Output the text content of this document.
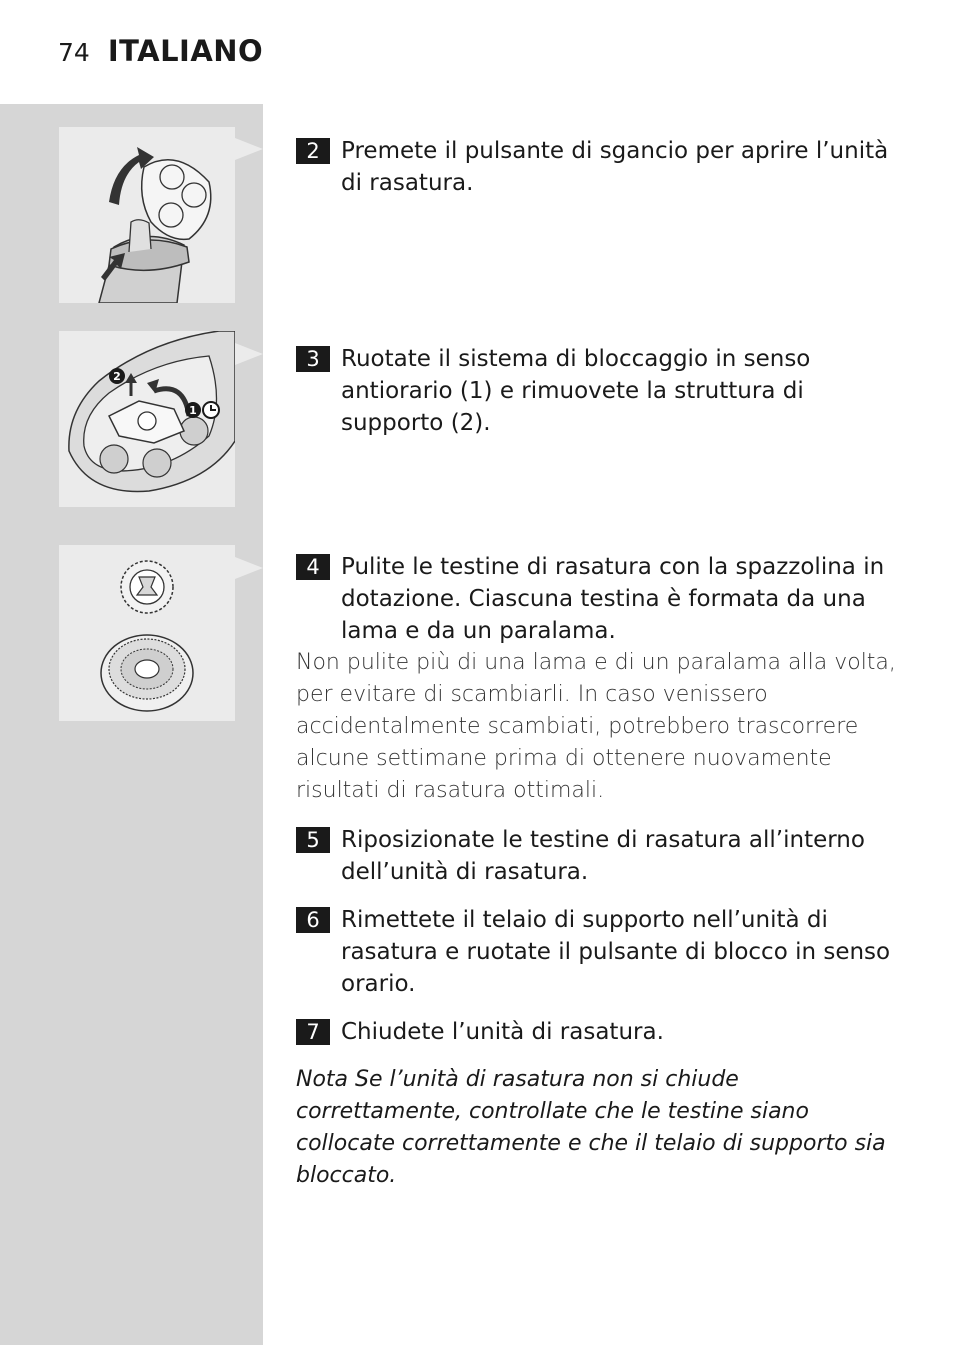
74 ITALIANO
2
1
2 Premete il pulsante di sgancio per aprire l’unità di rasatura.
3 Ruotate il sistema di bloccaggio in senso antiorario (1) e rimuovete la struttura di supporto (2).
4 Pulite le testine di rasatura con la spazzolina in dotazione. Ciascuna testina è formata da una lama e da un paralama.
Non pulite più di una lama e di un paralama alla volta, per evitare di scambiarli. In caso venissero accidentalmente scambiati, potrebbero trascorrere alcune settimane prima di ottenere nuovamente risultati di rasatura ottimali.
5 Riposizionate le testine di rasatura all’interno dell’unità di rasatura.
6 Rimettete il telaio di supporto nell’unità di rasatura e ruotate il pulsante di blocco in senso orario.
7 Chiudete l’unità di rasatura.
Nota Se l’unità di rasatura non si chiude correttamente, controllate che le testine siano collocate correttamente e che il telaio di supporto sia bloccato.
